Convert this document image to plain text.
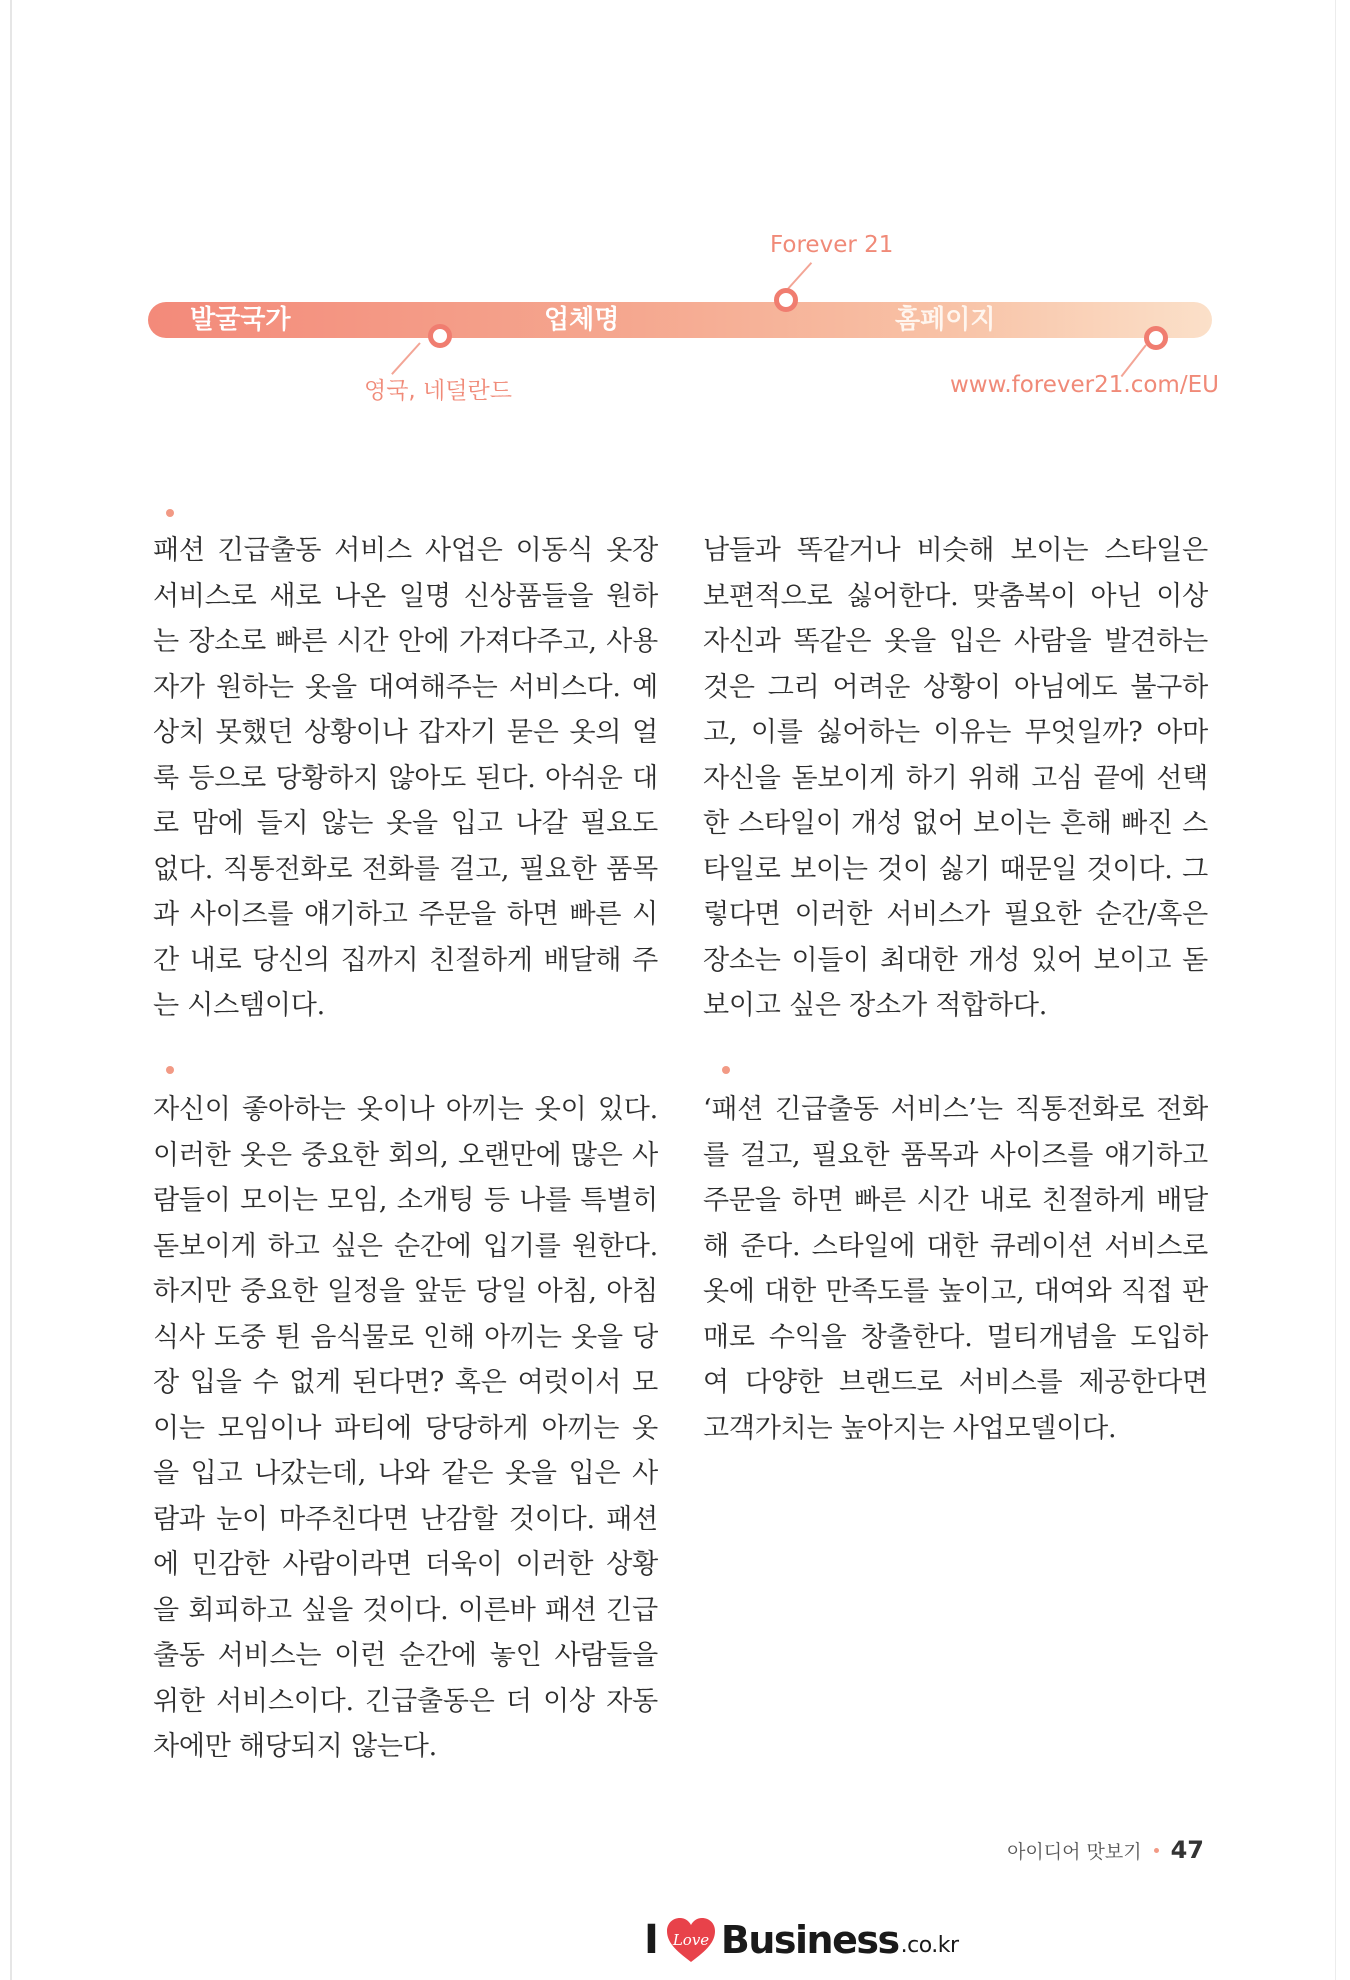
발굴국가	업체명	홈페이지
영국, 네덜란드
Forever 21
www.forever21.com/EU

패션 긴급출동 서비스 사업은 이동식 옷장 서비스로 새로 나온 일명 신상품들을 원하는 장소로 빠른 시간 안에 가져다주고, 사용자가 원하는 옷을 대여해주는 서비스다. 예상치 못했던 상황이나 갑자기 묻은 옷의 얼룩 등으로 당황하지 않아도 된다. 아쉬운 대로 맘에 들지 않는 옷을 입고 나갈 필요도 없다. 직통전화로 전화를 걸고, 필요한 품목과 사이즈를 얘기하고 주문을 하면 빠른 시간 내로 당신의 집까지 친절하게 배달해 주는 시스템이다.

남들과 똑같거나 비슷해 보이는 스타일은 보편적으로 싫어한다. 맞춤복이 아닌 이상 자신과 똑같은 옷을 입은 사람을 발견하는 것은 그리 어려운 상황이 아님에도 불구하고, 이를 싫어하는 이유는 무엇일까? 아마 자신을 돋보이게 하기 위해 고심 끝에 선택한 스타일이 개성 없어 보이는 흔해 빠진 스타일로 보이는 것이 싫기 때문일 것이다. 그렇다면 이러한 서비스가 필요한 순간/혹은 장소는 이들이 최대한 개성 있어 보이고 돋보이고 싶은 장소가 적합하다.

자신이 좋아하는 옷이나 아끼는 옷이 있다. 이러한 옷은 중요한 회의, 오랜만에 많은 사람들이 모이는 모임, 소개팅 등 나를 특별히 돋보이게 하고 싶은 순간에 입기를 원한다. 하지만 중요한 일정을 앞둔 당일 아침, 아침 식사 도중 튄 음식물로 인해 아끼는 옷을 당장 입을 수 없게 된다면? 혹은 여럿이서 모이는 모임이나 파티에 당당하게 아끼는 옷을 입고 나갔는데, 나와 같은 옷을 입은 사람과 눈이 마주친다면 난감할 것이다. 패션에 민감한 사람이라면 더욱이 이러한 상황을 회피하고 싶을 것이다. 이른바 패션 긴급출동 서비스는 이런 순간에 놓인 사람들을 위한 서비스이다. 긴급출동은 더 이상 자동차에만 해당되지 않는다.

‘패션 긴급출동 서비스’는 직통전화로 전화를 걸고, 필요한 품목과 사이즈를 얘기하고 주문을 하면 빠른 시간 내로 친절하게 배달해 준다. 스타일에 대한 큐레이션 서비스로 옷에 대한 만족도를 높이고, 대여와 직접 판매로 수익을 창출한다. 멀티개념을 도입하여 다양한 브랜드로 서비스를 제공한다면 고객가치는 높아지는 사업모델이다.

아이디어 맛보기 47
I Love Business .co.kr
